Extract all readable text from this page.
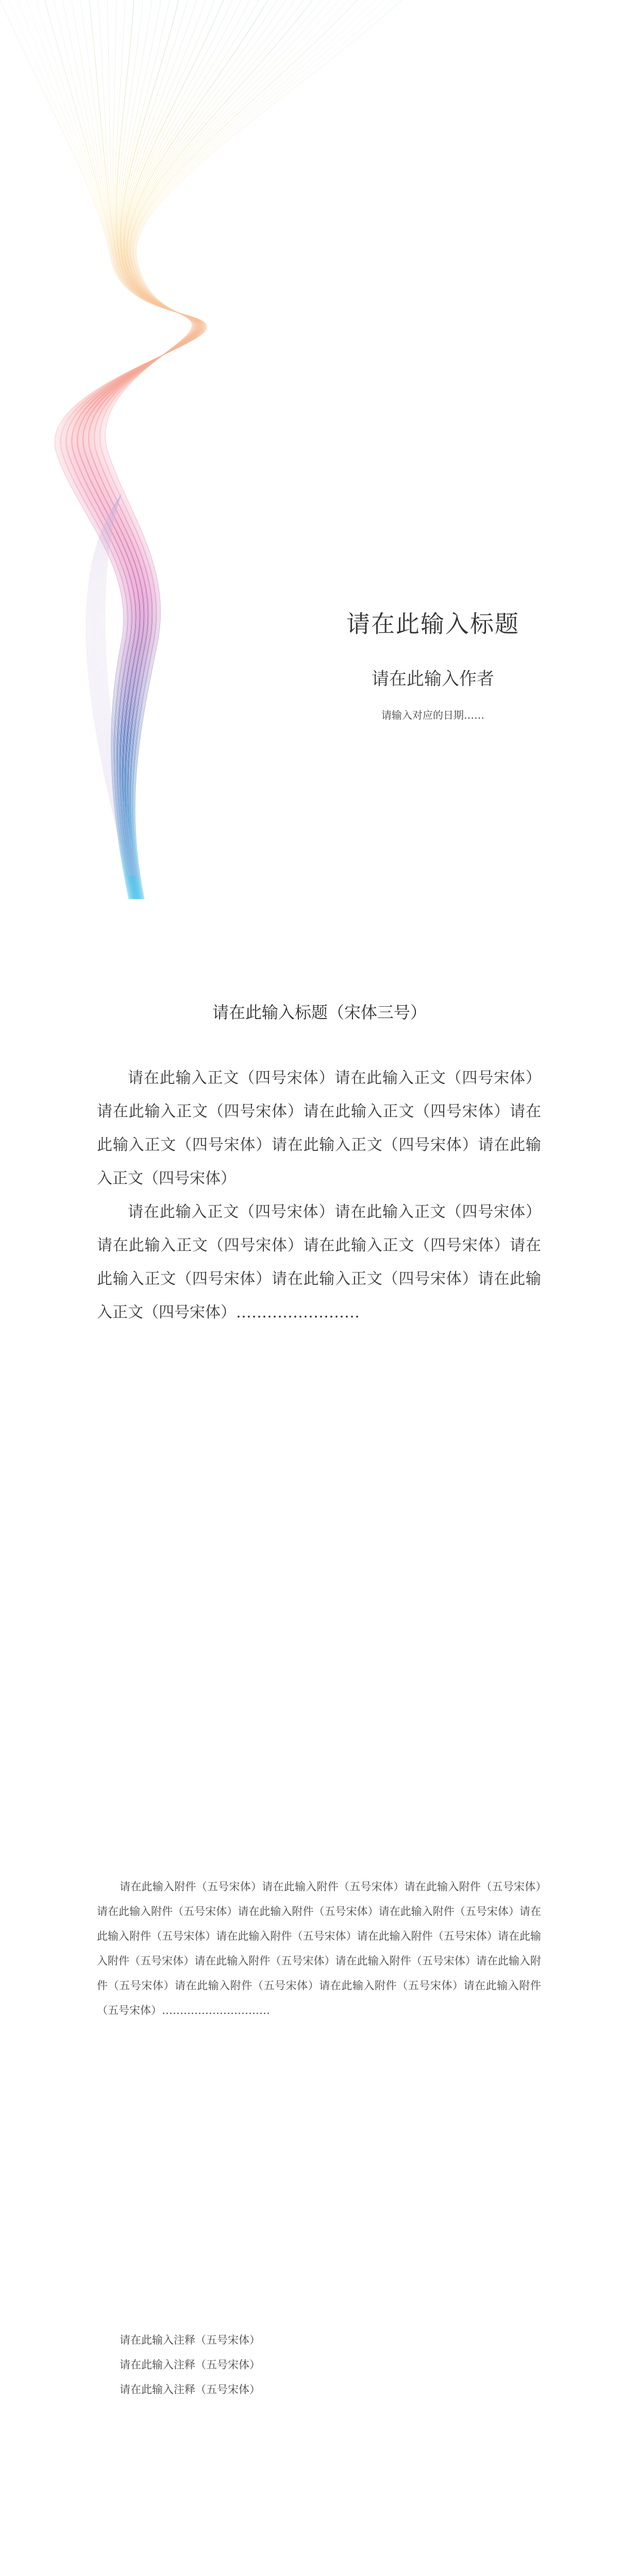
请在此输入标题
请在此输入作者
请输入对应的日期……
请在此输入标题（宋体三号）

请在此输入正文（四号宋体）请在此输入正文（四号宋体）请在此输入正文（四号宋体）请在此输入正文（四号宋体）请在此输入正文（四号宋体）请在此输入正文（四号宋体）请在此输入正文（四号宋体）

请在此输入正文（四号宋体）请在此输入正文（四号宋体）请在此输入正文（四号宋体）请在此输入正文（四号宋体）请在此输入正文（四号宋体）请在此输入正文（四号宋体）请在此输入正文（四号宋体）……………………

请在此输入附件（五号宋体）请在此输入附件（五号宋体）请在此输入附件（五号宋体）请在此输入附件（五号宋体）请在此输入附件（五号宋体）请在此输入附件（五号宋体）请在此输入附件（五号宋体）请在此输入附件（五号宋体）请在此输入附件（五号宋体）请在此输入附件（五号宋体）请在此输入附件（五号宋体）请在此输入附件（五号宋体）请在此输入附件（五号宋体）请在此输入附件（五号宋体）请在此输入附件（五号宋体）请在此输入附件（五号宋体）…………………………

请在此输入注释（五号宋体）
请在此输入注释（五号宋体）
请在此输入注释（五号宋体）
